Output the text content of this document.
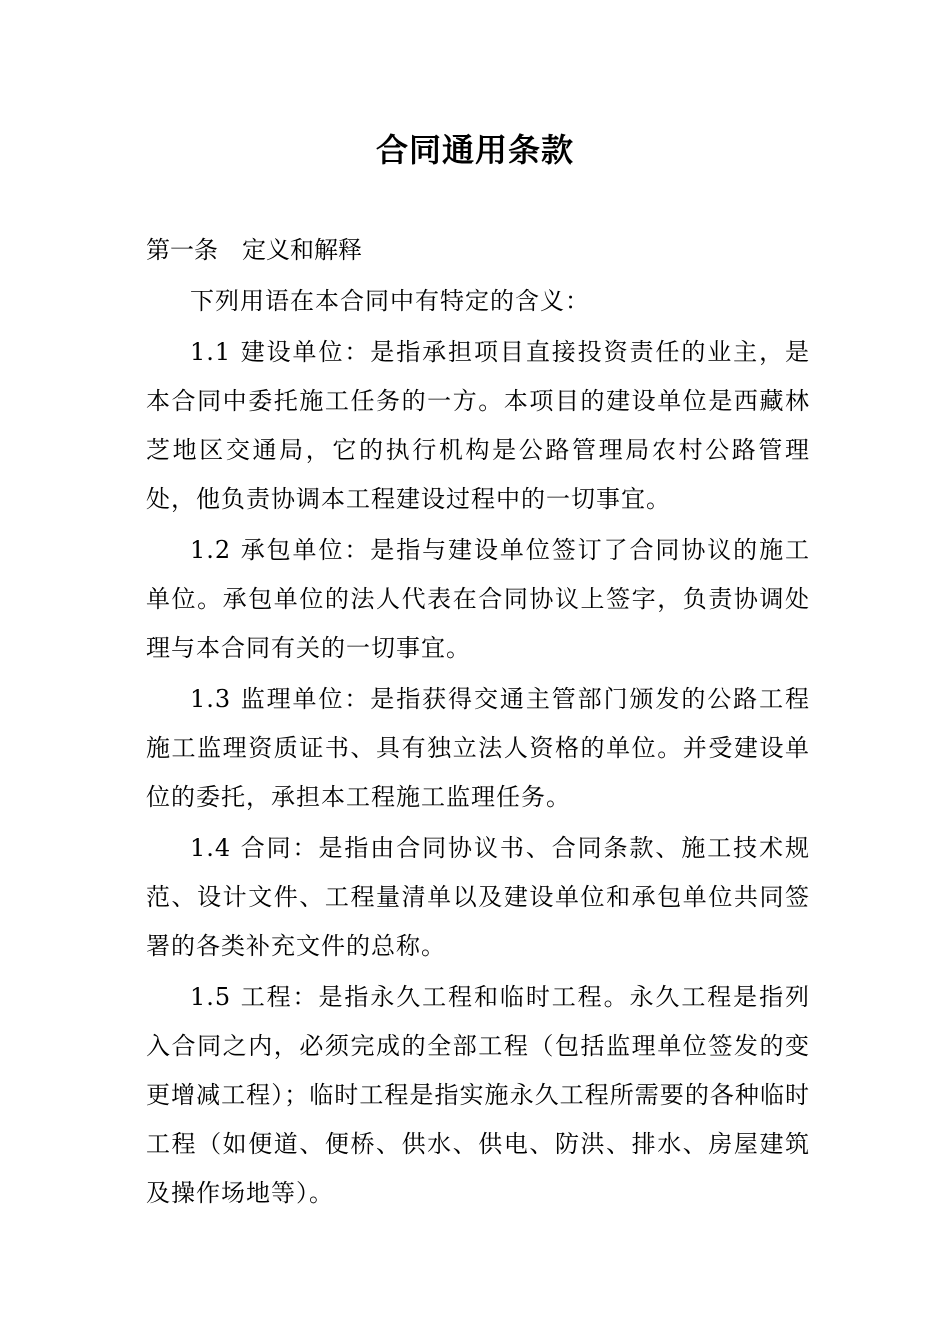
合同通用条款

第一条　定义和解释

下列用语在本合同中有特定的含义：

1.1 建设单位：是指承担项目直接投资责任的业主，是本合同中委托施工任务的一方。本项目的建设单位是西藏林芝地区交通局，它的执行机构是公路管理局农村公路管理处，他负责协调本工程建设过程中的一切事宜。

1.2 承包单位：是指与建设单位签订了合同协议的施工单位。承包单位的法人代表在合同协议上签字，负责协调处理与本合同有关的一切事宜。

1.3 监理单位：是指获得交通主管部门颁发的公路工程施工监理资质证书、具有独立法人资格的单位。并受建设单位的委托，承担本工程施工监理任务。

1.4 合同：是指由合同协议书、合同条款、施工技术规范、设计文件、工程量清单以及建设单位和承包单位共同签署的各类补充文件的总称。

1.5 工程：是指永久工程和临时工程。永久工程是指列入合同之内，必须完成的全部工程（包括监理单位签发的变更增减工程）；临时工程是指实施永久工程所需要的各种临时工程（如便道、便桥、供水、供电、防洪、排水、房屋建筑及操作场地等）。
